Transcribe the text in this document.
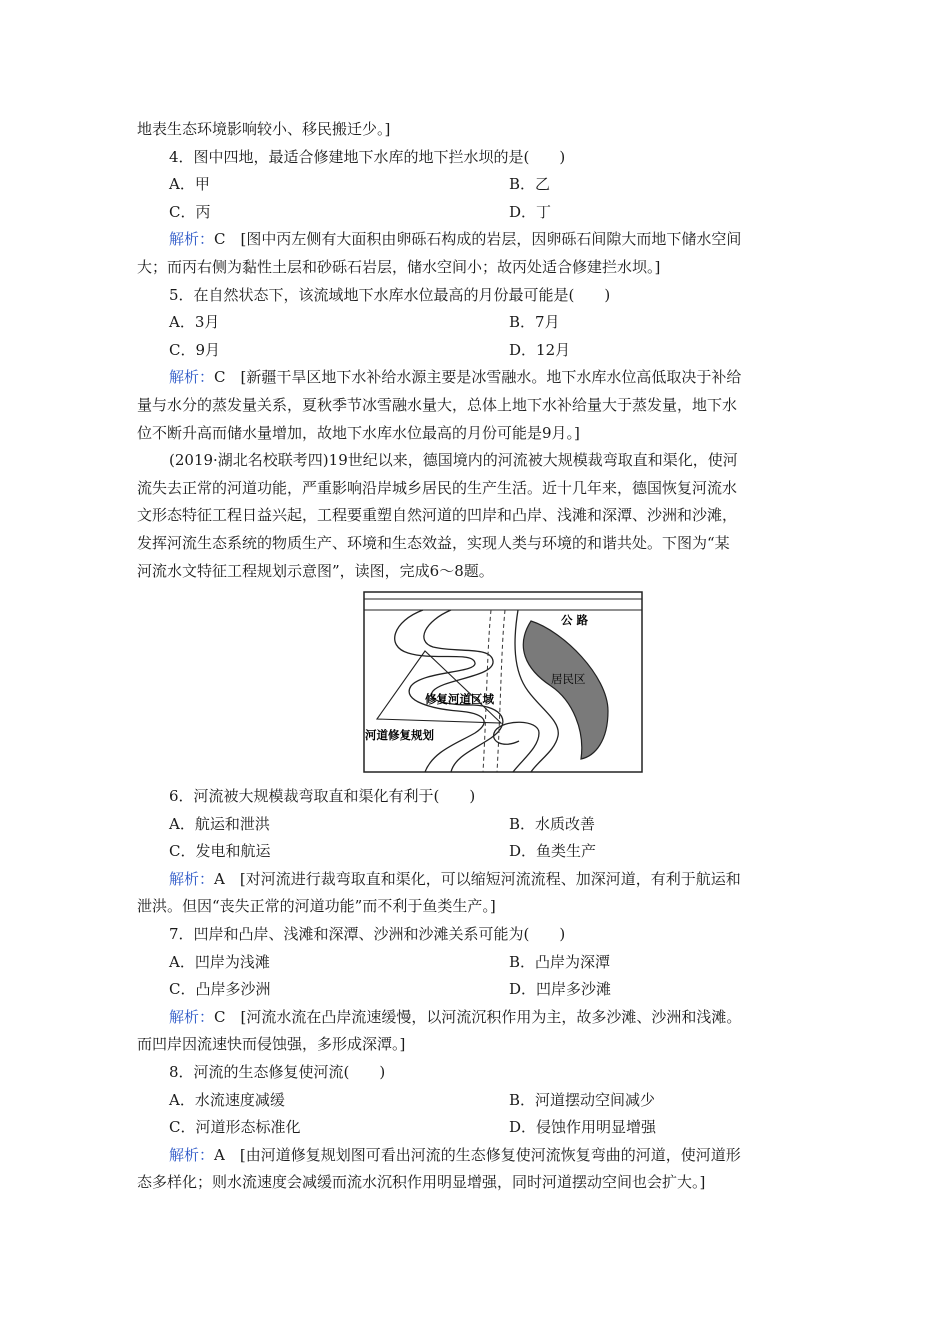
地表生态环境影响较小、移民搬迁少。]
4．图中四地，最适合修建地下水库的地下拦水坝的是(　　)
A．甲	B．乙
C．丙	D．丁
解析：C　[图中丙左侧有大面积由卵砾石构成的岩层，因卵砾石间隙大而地下储水空间
大；而丙右侧为黏性土层和砂砾石岩层，储水空间小；故丙处适合修建拦水坝。]
5．在自然状态下，该流域地下水库水位最高的月份最可能是(　　)
A．3月	B．7月
C．9月	D．12月
解析：C　[新疆干旱区地下水补给水源主要是冰雪融水。地下水库水位高低取决于补给
量与水分的蒸发量关系，夏秋季节冰雪融水量大，总体上地下水补给量大于蒸发量，地下水
位不断升高而储水量增加，故地下水库水位最高的月份可能是9月。]
(2019·湖北名校联考四)19世纪以来，德国境内的河流被大规模裁弯取直和渠化，使河
流失去正常的河道功能，严重影响沿岸城乡居民的生产生活。近十几年来，德国恢复河流水
文形态特征工程日益兴起，工程要重塑自然河道的凹岸和凸岸、浅滩和深潭、沙洲和沙滩，
发挥河流生态系统的物质生产、环境和生态效益，实现人类与环境的和谐共处。下图为“某
河流水文特征工程规划示意图”，读图，完成6～8题。
公 路
居民区
修复河道区域
河道修复规划
6．河流被大规模裁弯取直和渠化有利于(　　)
A．航运和泄洪	B．水质改善
C．发电和航运	D．鱼类生产
解析：A　[对河流进行裁弯取直和渠化，可以缩短河流流程、加深河道，有利于航运和
泄洪。但因“丧失正常的河道功能”而不利于鱼类生产。]
7．凹岸和凸岸、浅滩和深潭、沙洲和沙滩关系可能为(　　)
A．凹岸为浅滩	B．凸岸为深潭
C．凸岸多沙洲	D．凹岸多沙滩
解析：C　[河流水流在凸岸流速缓慢，以河流沉积作用为主，故多沙滩、沙洲和浅滩。
而凹岸因流速快而侵蚀强，多形成深潭。]
8．河流的生态修复使河流(　　)
A．水流速度减缓	B．河道摆动空间减少
C．河道形态标准化	D．侵蚀作用明显增强
解析：A　[由河道修复规划图可看出河流的生态修复使河流恢复弯曲的河道，使河道形
态多样化；则水流速度会减缓而流水沉积作用明显增强，同时河道摆动空间也会扩大。]
